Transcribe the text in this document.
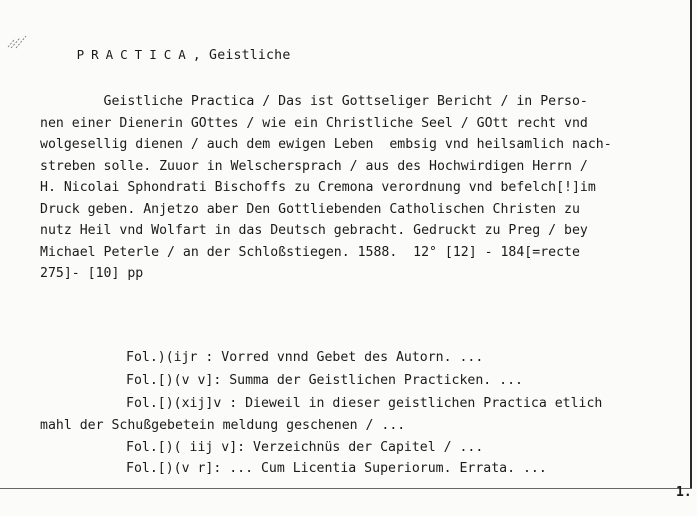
PRACTICA, Geistliche

Geistliche Practica / Das ist Gottseliger Bericht / in Perso-
nen einer Dienerin GOttes / wie ein Christliche Seel / GOtt recht vnd
wolgesellig dienen / auch dem ewigen Leben  embsig vnd heilsamlich nach-
streben solle. Zuuor in Welschersprach / aus des Hochwirdigen Herrn /
H. Nicolai Sphondrati Bischoffs zu Cremona verordnung vnd befelch[!]im
Druck geben. Anjetzo aber Den Gottliebenden Catholischen Christen zu
nutz Heil vnd Wolfart in das Deutsch gebracht. Gedruckt zu Preg / bey
Michael Peterle / an der Schloßstiegen. 1588.  12° [12] - 184[=recte
275]- [10] pp
Fol.)(ijr : Vorred vnnd Gebet des Autorn. ...
Fol.[)(v v]: Summa der Geistlichen Practicken. ...
Fol.[)(xij]v : Dieweil in dieser geistlichen Practica etlich
mahl der Schußgebetein meldung geschenen / ...
Fol.[)( iij v]: Verzeichnüs der Capitel / ...
Fol.[)(v r]: ... Cum Licentia Superiorum. Errata. ...
1.
